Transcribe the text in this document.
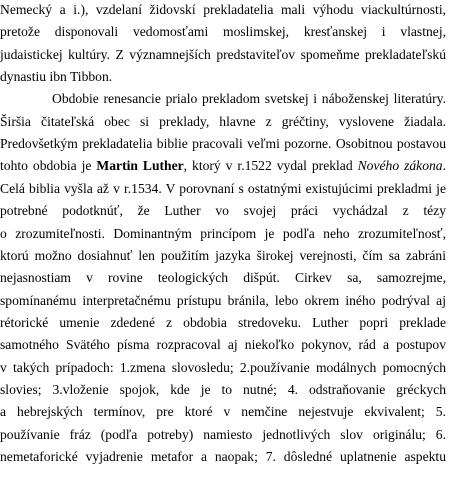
Nemecký a i.), vzdelaní židovskí prekladatelia mali výhodu viackultúrnosti,
pretože disponovali vedomosťami moslimskej, kresťanskej i vlastnej,
judaistickej kultúry. Z významnejších predstaviteľov spomeňme prekladateľskú
dynastiu ibn Tibbon.
Obdobie renesancie prialo prekladom svetskej i náboženskej literatúry.
Širšia čitateľská obec si preklady, hlavne z gréčtiny, vyslovene žiadala.
Predovšetkým prekladatelia biblie pracovali veľmi pozorne. Osobitnou postavou
tohto obdobia je Martin Luther, ktorý v r.1522 vydal preklad Nového zákona.
Celá biblia vyšla až v r.1534. V porovnaní s ostatnými existujúcimi prekladmi je
potrebné podotknúť, že Luther vo svojej práci vychádzal z tézy
o zrozumiteľnosti. Dominantným princípom je podľa neho zrozumiteľnosť,
ktorú možno dosiahnuť len použitím jazyka širokej verejnosti, čím sa zabráni
nejasnostiam v rovine teologických dišpút. Cirkev sa, samozrejme,
spomínanému interpretačnému prístupu bránila, lebo okrem iného podrýval aj
rétorické umenie zdedené z obdobia stredoveku. Luther popri preklade
samotného Svätého písma rozpracoval aj niekoľko pokynov, rád a postupov
v takých prípadoch: 1.zmena slovosledu; 2.používanie modálnych pomocných
slovies; 3.vloženie spojok, kde je to nutné; 4. odstraňovanie gréckych
a hebrejských termínov, pre ktoré v nemčine nejestvuje ekvivalent; 5.
používanie fráz (podľa potreby) namiesto jednotlivých slov originálu; 6.
nemetaforické vyjadrenie metafor a naopak; 7. dôsledné uplatnenie aspektu
